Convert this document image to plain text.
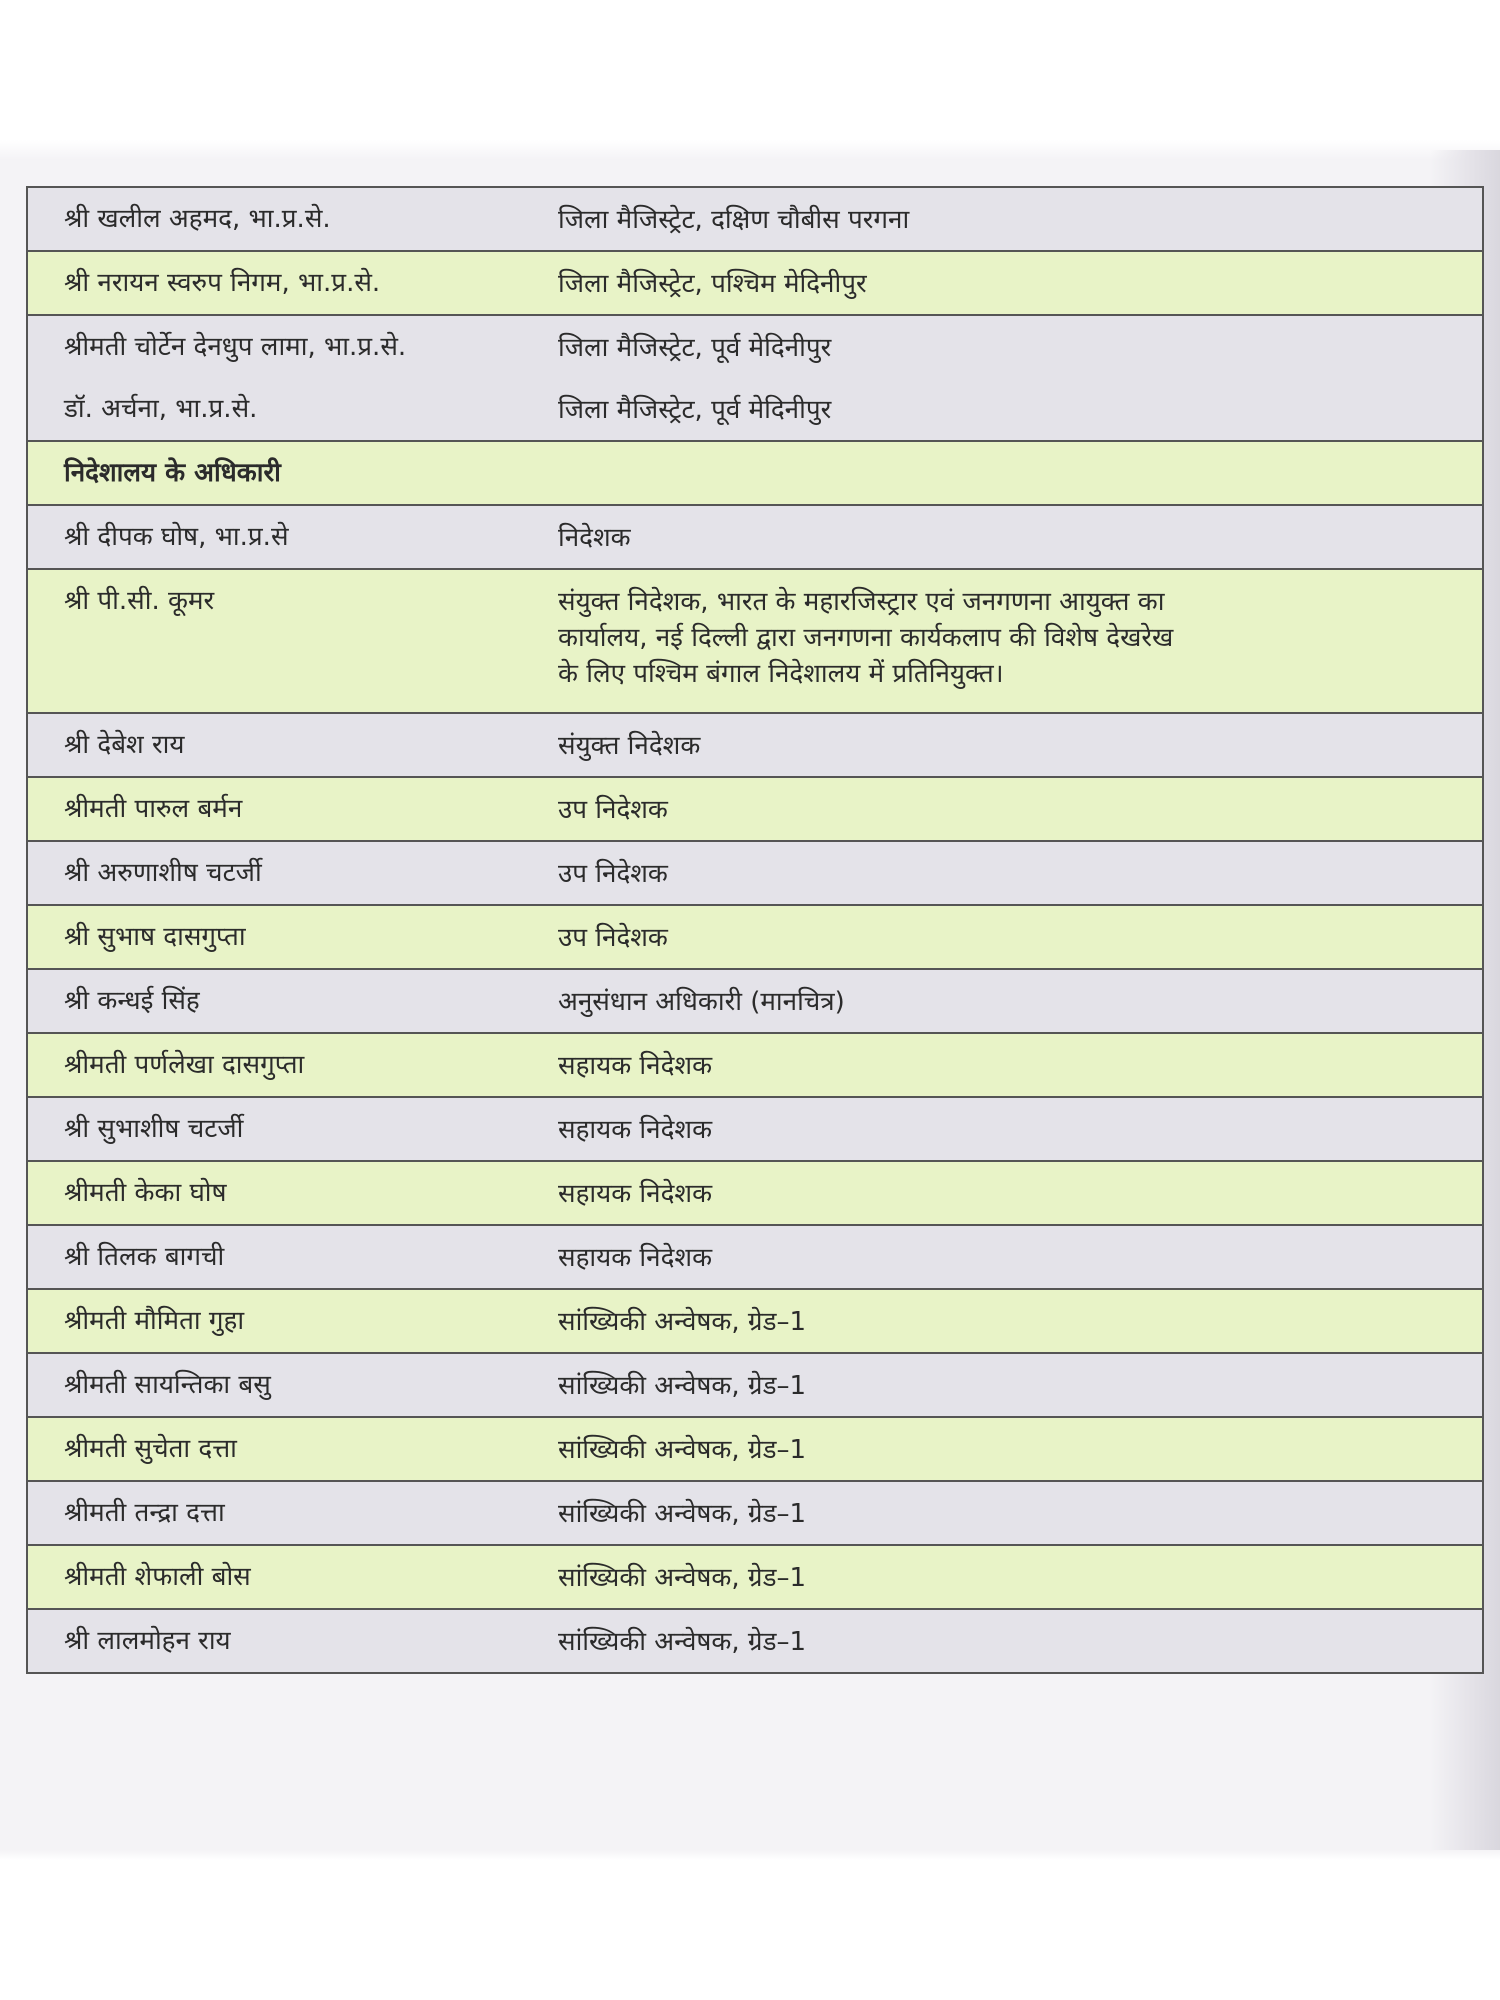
श्री खलील अहमद, भा.प्र.से.	जिला मैजिस्ट्रेट, दक्षिण चौबीस परगना
श्री नरायन स्वरुप निगम, भा.प्र.से.	जिला मैजिस्ट्रेट, पश्चिम मेदिनीपुर
श्रीमती चोर्टेन देनधुप लामा, भा.प्र.से.	जिला मैजिस्ट्रेट, पूर्व मेदिनीपुर
डॉ. अर्चना, भा.प्र.से.	जिला मैजिस्ट्रेट, पूर्व मेदिनीपुर
निदेशालय के अधिकारी
श्री दीपक घोष, भा.प्र.से	निदेशक
श्री पी.सी. कूमर	संयुक्त निदेशक, भारत के महारजिस्ट्रार एवं जनगणना आयुक्त का
कार्यालय, नई दिल्ली द्वारा जनगणना कार्यकलाप की विशेष देखरेख
के लिए पश्चिम बंगाल निदेशालय में प्रतिनियुक्त।
श्री देबेश राय	संयुक्त निदेशक
श्रीमती पारुल बर्मन	उप निदेशक
श्री अरुणाशीष चटर्जी	उप निदेशक
श्री सुभाष दासगुप्ता	उप निदेशक
श्री कन्धई सिंह	अनुसंधान अधिकारी (मानचित्र)
श्रीमती पर्णलेखा दासगुप्ता	सहायक निदेशक
श्री सुभाशीष चटर्जी	सहायक निदेशक
श्रीमती केका घोष	सहायक निदेशक
श्री तिलक बागची	सहायक निदेशक
श्रीमती मौमिता गुहा	सांख्यिकी अन्वेषक, ग्रेड–1
श्रीमती सायन्तिका बसु	सांख्यिकी अन्वेषक, ग्रेड–1
श्रीमती सुचेता दत्ता	सांख्यिकी अन्वेषक, ग्रेड–1
श्रीमती तन्द्रा दत्ता	सांख्यिकी अन्वेषक, ग्रेड–1
श्रीमती शेफाली बोस	सांख्यिकी अन्वेषक, ग्रेड–1
श्री लालमोहन राय	सांख्यिकी अन्वेषक, ग्रेड–1
